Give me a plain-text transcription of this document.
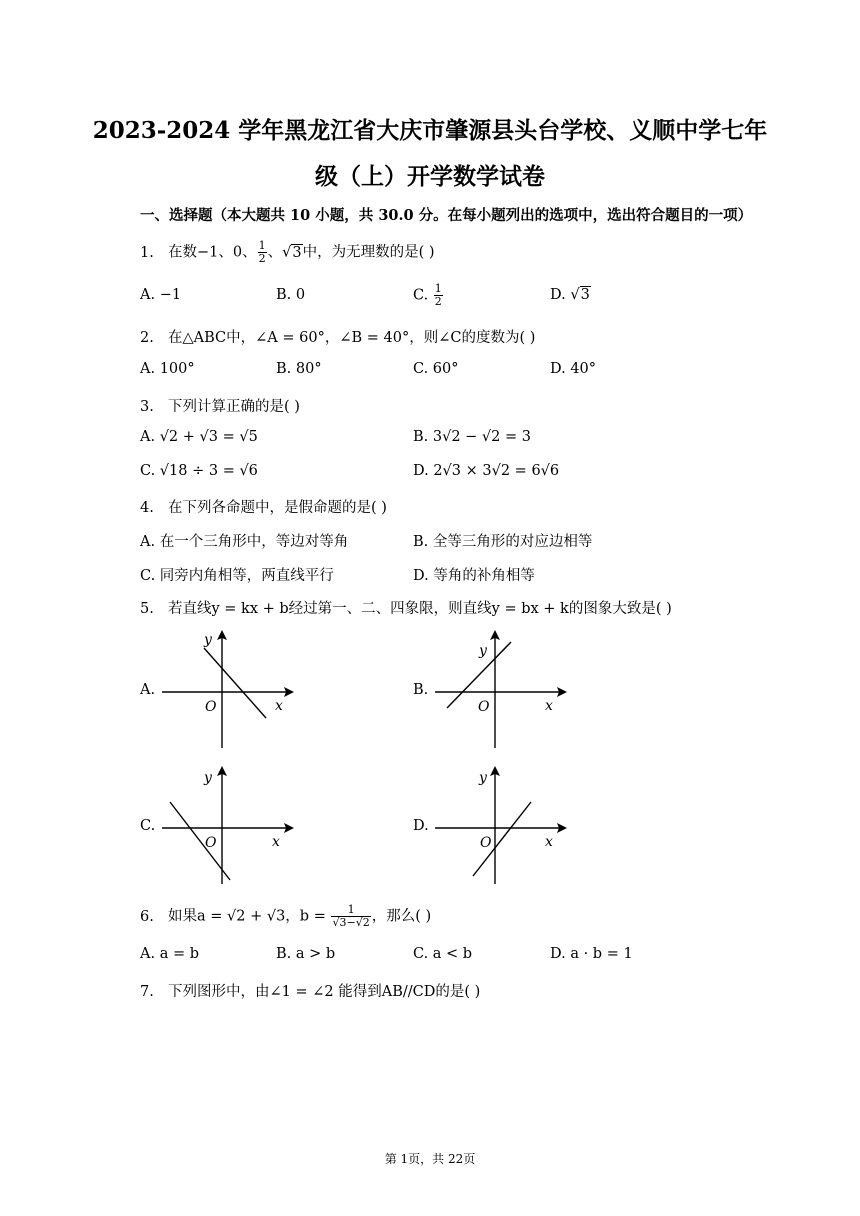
2023-2024 学年黑龙江省大庆市肇源县头台学校、义顺中学七年
级（上）开学数学试卷
一、选择题（本大题共 10 小题，共 30.0 分。在每小题列出的选项中，选出符合题目的一项）
1. 在数−1、0、 $\frac{1}{2}$ 、√3中，为无理数的是( )
A. −1	B. 0	C. $\frac{1}{2}$	D. √3
2. 在△ABC中，∠A = 60°，∠B = 40°，则∠C的度数为( )
A. 100°	B. 80°	C. 60°	D. 40°
3. 下列计算正确的是( )
A. √2 + √3 = √5	B. 3√2 − √2 = 3
C. √18 ÷ 3 = √6	D. 2√3 × 3√2 = 6√6
4. 在下列各命题中，是假命题的是( )
A. 在一个三角形中，等边对等角	B. 全等三角形的对应边相等
C. 同旁内角相等，两直线平行	D. 等角的补角相等
5. 若直线y = kx + b经过第一、二、四象限，则直线y = bx + k的图象大致是( )
A.
y
x
O
B.
y
x
O
C.
y
x
O
D.
y
x
O
6. 如果a = √2 + √3，$b = \frac{1}{√3-√2}$ ，那么( )
A. a = b	B. a > b	C. a < b	D. a · b = 1
7. 下列图形中，由∠1 = ∠2 能得到AB//CD的是( )
第 1页，共 22页
